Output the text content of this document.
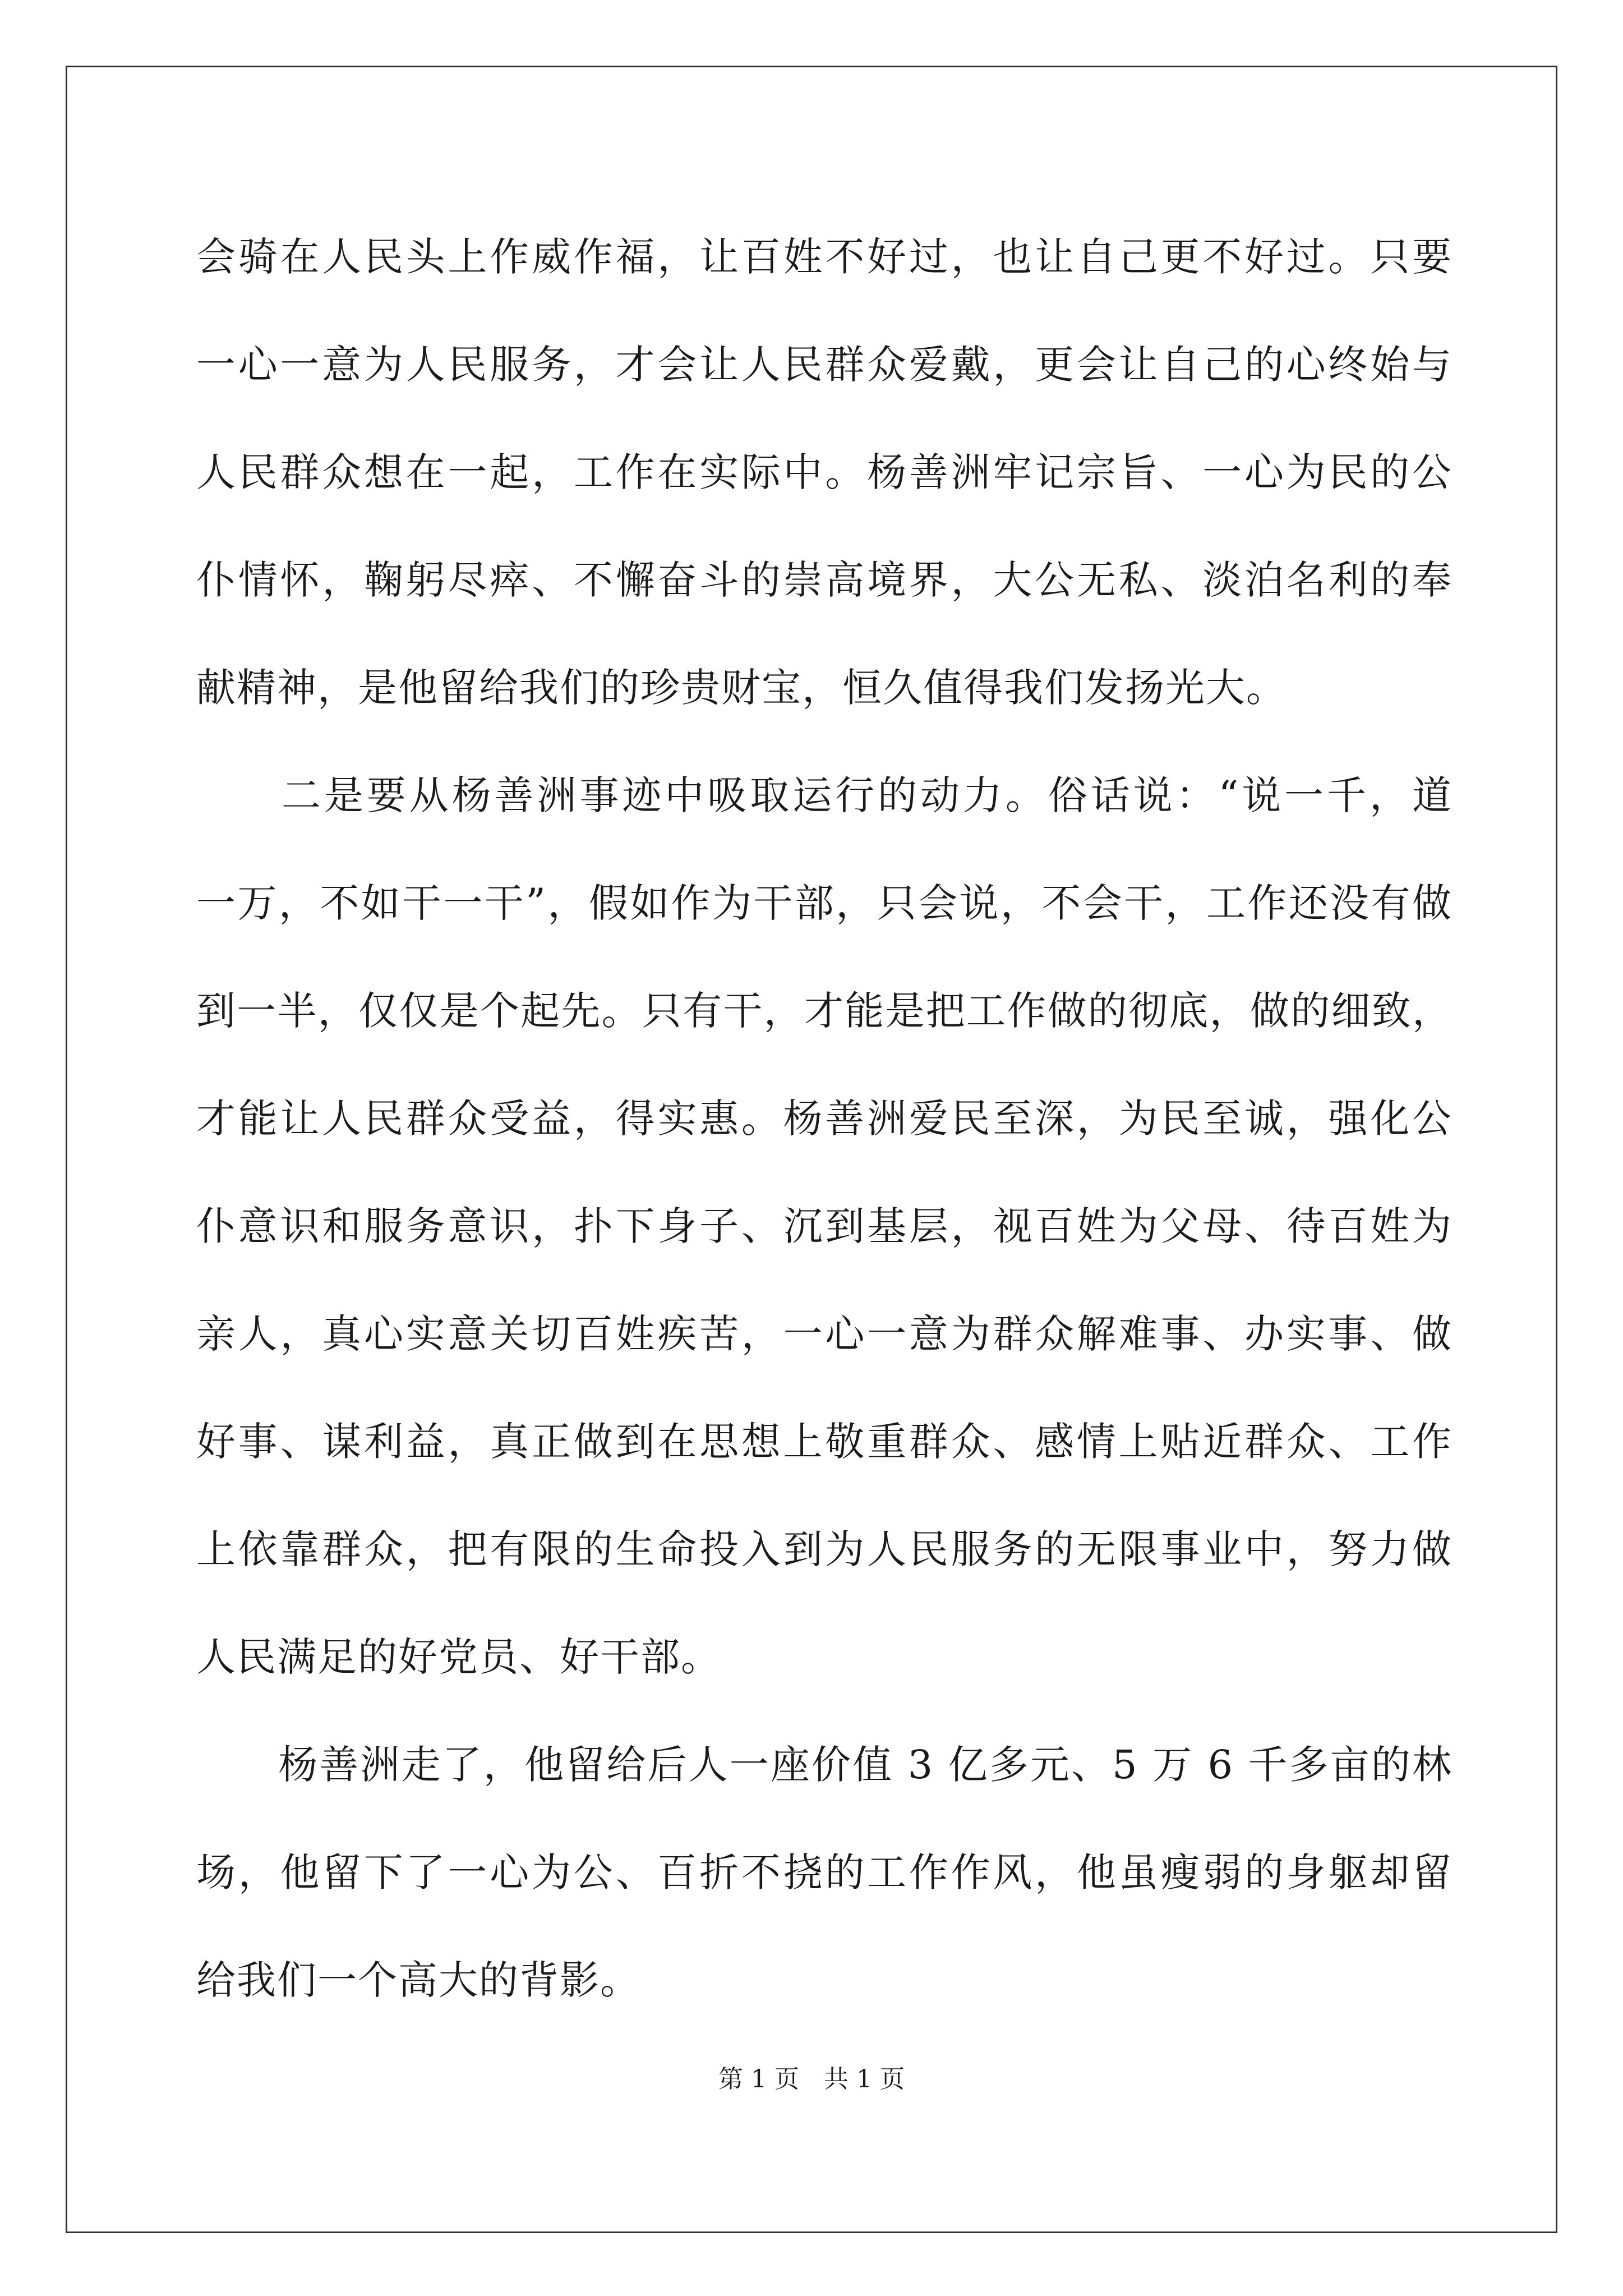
会骑在人民头上作威作福，让百姓不好过，也让自己更不好过。只要
一心一意为人民服务，才会让人民群众爱戴，更会让自己的心终始与
人民群众想在一起，工作在实际中。杨善洲牢记宗旨、一心为民的公
仆情怀，鞠躬尽瘁、不懈奋斗的崇高境界，大公无私、淡泊名利的奉
献精神，是他留给我们的珍贵财宝，恒久值得我们发扬光大。
　　二是要从杨善洲事迹中吸取运行的动力。俗话说：“说一千，道
一万，不如干一干”，假如作为干部，只会说，不会干，工作还没有做
到一半，仅仅是个起先。只有干，才能是把工作做的彻底，做的细致，
才能让人民群众受益，得实惠。杨善洲爱民至深，为民至诚，强化公
仆意识和服务意识，扑下身子、沉到基层，视百姓为父母、待百姓为
亲人，真心实意关切百姓疾苦，一心一意为群众解难事、办实事、做
好事、谋利益，真正做到在思想上敬重群众、感情上贴近群众、工作
上依靠群众，把有限的生命投入到为人民服务的无限事业中，努力做
人民满足的好党员、好干部。
　　杨善洲走了，他留给后人一座价值 3 亿多元、5 万 6 千多亩的林
场，他留下了一心为公、百折不挠的工作作风，他虽瘦弱的身躯却留
给我们一个高大的背影。
第 1 页 共 1 页
